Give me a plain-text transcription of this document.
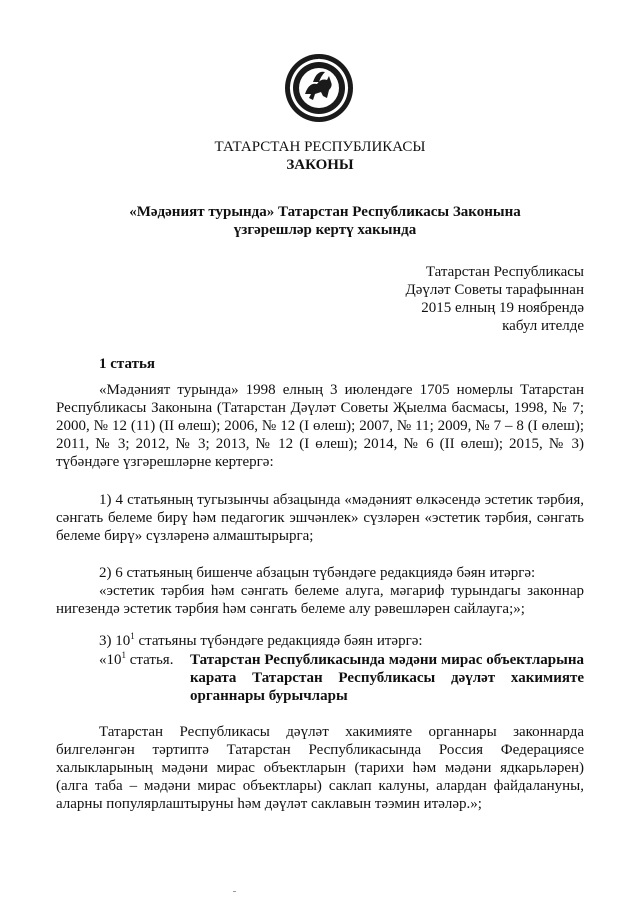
ТАТАРСТАН РЕСПУБЛИКАСЫ
ЗАКОНЫ
«Мәдәният турында» Татарстан Республикасы Законына
үзгәрешләр кертү хакында
Татарстан Республикасы
Дәүләт Советы тарафыннан
2015 елның 19 ноябрендә
кабул ителде
1 статья

«Мәдәният турында» 1998 елның 3 июлендәге 1705 номерлы Татарстан Республикасы Законына (Татарстан Дәүләт Советы Җыелма басмасы, 1998, № 7; 2000, № 12 (11) (II өлеш); 2006, № 12 (I өлеш); 2007, № 11; 2009, № 7 – 8 (I өлеш); 2011, № 3; 2012, № 3; 2013, № 12 (I өлеш); 2014, № 6 (II өлеш); 2015, № 3) түбәндәге үзгәрешләрне кертергә:

1) 4 статьяның тугызынчы абзацында «мәдәният өлкәсендә эстетик тәрбия, сәнгать белеме бирү һәм педагогик эшчәнлек» сүзләрен «эстетик тәрбия, сәнгать белеме бирү» сүзләренә алмаштырырга;

2) 6 статьяның бишенче абзацын түбәндәге редакциядә бәян итәргә:

«эстетик тәрбия һәм сәнгать белеме алуга, мәгариф турындагы законнар нигезендә эстетик тәрбия һәм сәнгать белеме алу рәвешләрен сайлауга;»;

3) $10^1$ статьяны түбәндәге редакциядә бәян итәргә:

«$10^1$ статья.	Татарстан Республикасында мәдәни мирас объектларына
карата Татарстан Республикасы дәүләт хакимияте
органнары бурычлары

Татарстан Республикасы дәүләт хакимияте органнары законнарда билгеләнгән тәртиптә Татарстан Республикасында Россия Федерациясе халыкларының мәдәни мирас объектларын (тарихи һәм мәдәни ядкарьләрен) (алга таба – мәдәни мирас объектлары) саклап калуны, алардан файдалануны, аларны популярлаштыруны һәм дәүләт саклавын тәэмин итәләр.»;
